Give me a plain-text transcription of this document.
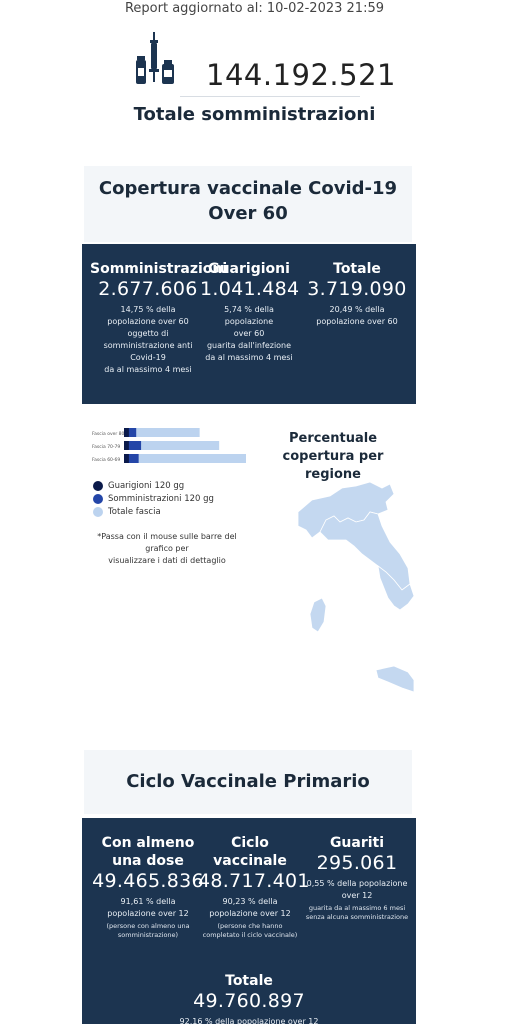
Report aggiornato al: 10-02-2023 21:59
144.192.521
Totale somministrazioni
Copertura vaccinale Covid-19
Over 60
Somministrazioni
2.677.606
14,75 % della
popolazione over 60
oggetto di
somministrazione anti
Covid-19
da al massimo 4 mesi
Guarigioni
1.041.484
5,74 % della popolazione
over 60
guarita dall'infezione
da al massimo 4 mesi
Totale
3.719.090
20,49 % della
popolazione over 60
Fascia over 80
Fascia 70-79
Fascia 60-69
Guarigioni 120 gg
Somministrazioni 120 gg
Totale fascia
*Passa con il mouse sulle barre del grafico per
visualizzare i dati di dettaglio
Percentuale
copertura per regione
Ciclo Vaccinale Primario
Con almeno
una dose
49.465.836
91,61 % della
popolazione over 12
(persone con almeno una
somministrazione)
Ciclo
vaccinale
48.717.401
90,23 % della
popolazione over 12
(persone che hanno
completato il ciclo vaccinale)
Guariti
295.061
0,55 % della popolazione
over 12
guarita da al massimo 6 mesi
senza alcuna somministrazione
Totale
49.760.897
92,16 % della popolazione over 12
